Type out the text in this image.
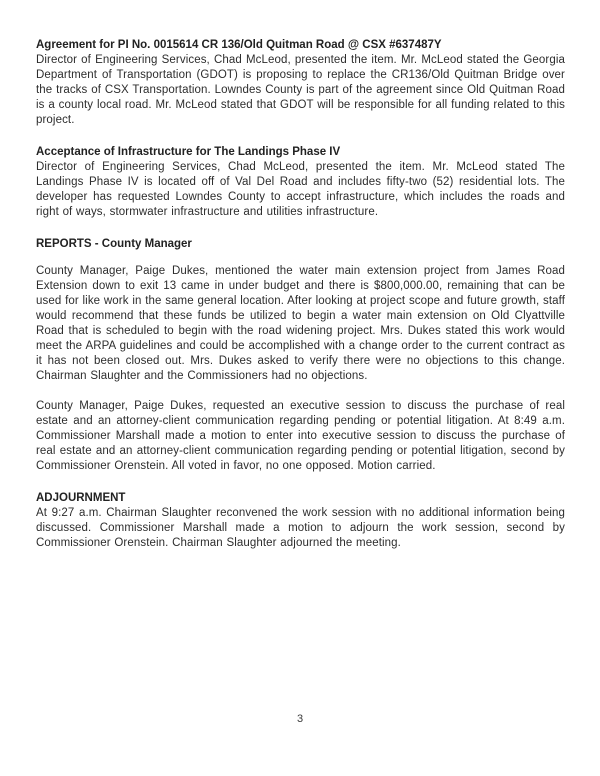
Agreement for PI No. 0015614 CR 136/Old Quitman Road @ CSX #637487Y

Director of Engineering Services, Chad McLeod, presented the item. Mr. McLeod stated the Georgia Department of Transportation (GDOT) is proposing to replace the CR136/Old Quitman Bridge over the tracks of CSX Transportation. Lowndes County is part of the agreement since Old Quitman Road is a county local road. Mr. McLeod stated that GDOT will be responsible for all funding related to this project.

Acceptance of Infrastructure for The Landings Phase IV

Director of Engineering Services, Chad McLeod, presented the item. Mr. McLeod stated The Landings Phase IV is located off of Val Del Road and includes fifty-two (52) residential lots. The developer has requested Lowndes County to accept infrastructure, which includes the roads and right of ways, stormwater infrastructure and utilities infrastructure.

REPORTS - County Manager

County Manager, Paige Dukes, mentioned the water main extension project from James Road Extension down to exit 13 came in under budget and there is $800,000.00, remaining that can be used for like work in the same general location. After looking at project scope and future growth, staff would recommend that these funds be utilized to begin a water main extension on Old Clyattville Road that is scheduled to begin with the road widening project. Mrs. Dukes stated this work would meet the ARPA guidelines and could be accomplished with a change order to the current contract as it has not been closed out. Mrs. Dukes asked to verify there were no objections to this change. Chairman Slaughter and the Commissioners had no objections.

County Manager, Paige Dukes, requested an executive session to discuss the purchase of real estate and an attorney-client communication regarding pending or potential litigation. At 8:49 a.m. Commissioner Marshall made a motion to enter into executive session to discuss the purchase of real estate and an attorney-client communication regarding pending or potential litigation, second by Commissioner Orenstein. All voted in favor, no one opposed. Motion carried.

ADJOURNMENT

At 9:27 a.m. Chairman Slaughter reconvened the work session with no additional information being discussed. Commissioner Marshall made a motion to adjourn the work session, second by Commissioner Orenstein. Chairman Slaughter adjourned the meeting.

3
